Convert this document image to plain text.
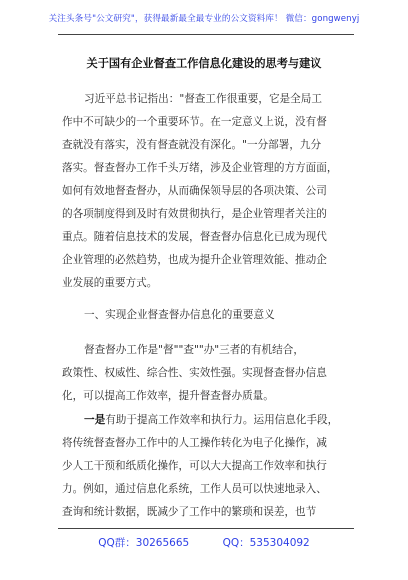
关注头条号"公文研究"，获得最新最全最专业的公文资料库！ 微信：gongwenyj
关于国有企业督查工作信息化建设的思考与建议
习近平总书记指出："督查工作很重要，它是全局工
作中不可缺少的一个重要环节。在一定意义上说，没有督
查就没有落实，没有督查就没有深化。"一分部署，九分
落实。督查督办工作千头万绪，涉及企业管理的方方面面，
如何有效地督查督办，从而确保领导层的各项决策、公司
的各项制度得到及时有效贯彻执行，是企业管理者关注的
重点。随着信息技术的发展，督查督办信息化已成为现代
企业管理的必然趋势，也成为提升企业管理效能、推动企
业发展的重要方式。
一、实现企业督查督办信息化的重要意义
督查督办工作是"督""查""办"三者的有机结合，
政策性、权威性、综合性、实效性强。实现督查督办信息
化，可以提高工作效率，提升督查督办质量。
一是有助于提高工作效率和执行力。运用信息化手段，
将传统督查督办工作中的人工操作转化为电子化操作，减
少人工干预和纸质化操作，可以大大提高工作效率和执行
力。例如，通过信息化系统，工作人员可以快速地录入、
查询和统计数据，既减少了工作中的繁琐和误差，也节
QQ群：30265665          QQ：535304092
